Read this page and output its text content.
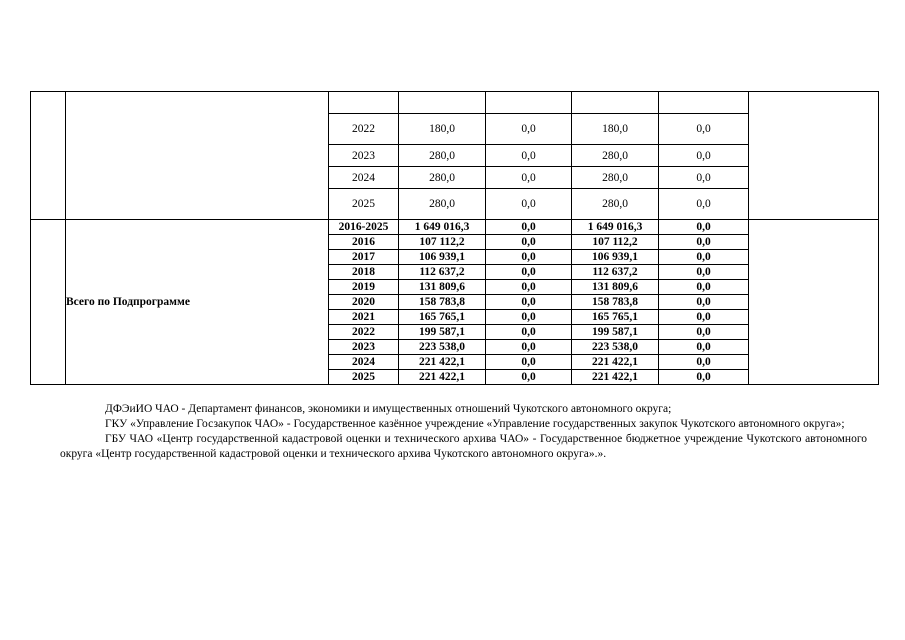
		2022	180,0	0,0	180,0	0,0	
		2023	280,0	0,0	280,0	0,0	
		2024	280,0	0,0	280,0	0,0	
		2025	280,0	0,0	280,0	0,0	
	Всего по Подпрограмме	2016-2025	1 649 016,3	0,0	1 649 016,3	0,0	
		2016	107 112,2	0,0	107 112,2	0,0	
		2017	106 939,1	0,0	106 939,1	0,0	
		2018	112 637,2	0,0	112 637,2	0,0	
		2019	131 809,6	0,0	131 809,6	0,0	
		2020	158 783,8	0,0	158 783,8	0,0	
		2021	165 765,1	0,0	165 765,1	0,0	
		2022	199 587,1	0,0	199 587,1	0,0	
		2023	223 538,0	0,0	223 538,0	0,0	
		2024	221 422,1	0,0	221 422,1	0,0	
		2025	221 422,1	0,0	221 422,1	0,0	

ДФЭиИО ЧАО - Департамент финансов, экономики и имущественных отношений Чукотского автономного округа;

ГКУ «Управление Госзакупок ЧАО» - Государственное казённое учреждение «Управление государственных закупок Чукотского автономного округа»;

ГБУ ЧАО «Центр государственной кадастровой оценки и технического архива ЧАО» - Государственное бюджетное учреждение Чукотского автономного округа «Центр государственной кадастровой оценки и технического архива Чукотского автономного округа».».
